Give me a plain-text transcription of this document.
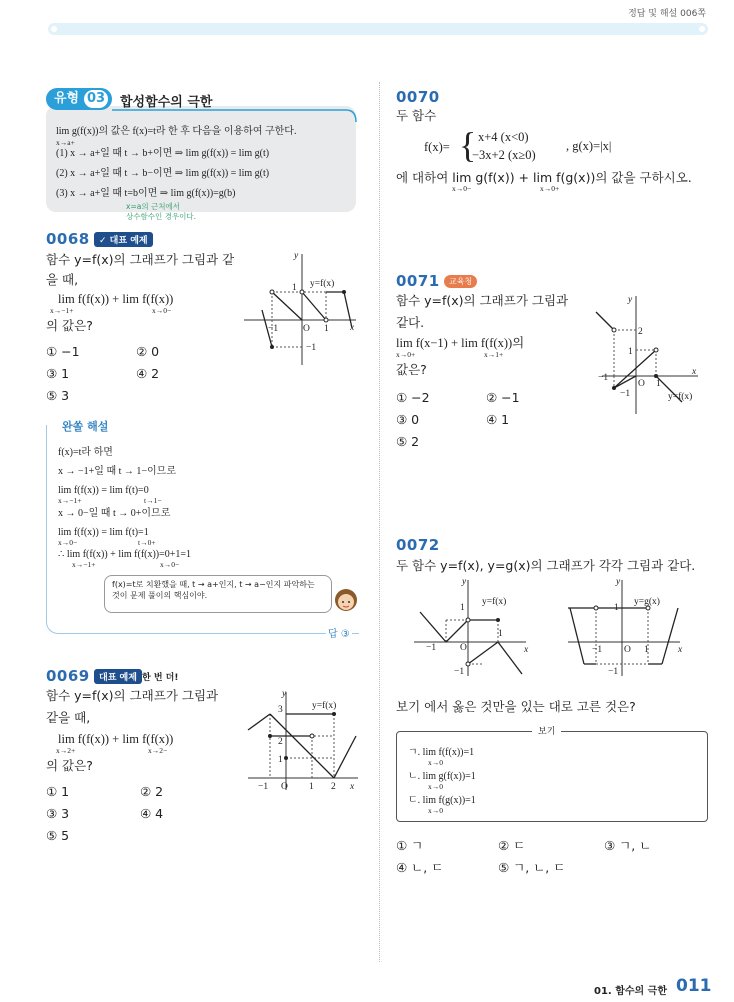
정답 및 해설 006쪽
유형 03 합성함수의 극한
lim g(f(x))의 값은 f(x)=t라 한 후 다음을 이용하여 구한다.
x→a+
(1) x → a+일 때 t → b+이면 ⇒ lim g(f(x)) = lim g(t)
(2) x → a+일 때 t → b−이면 ⇒ lim g(f(x)) = lim g(t)
(3) x → a+일 때 t=b이면 ⇒ lim g(f(x))=g(b)
x=a의 근처에서
상수함수인 경우이다.
0068	✓ 대표 예제
함수 y=f(x)의 그래프가 그림과 같
을 때,
lim f(f(x)) + lim f(f(x))
x→−1+	x→0−
의 값은?
① −1	② 0
③ 1	④ 2
⑤ 3
y
x
y=f(x)
−1	O 1
1
−1
완쏠 해설
f(x)=t라 하면
x → −1+일 때 t → 1−이므로
lim f(f(x)) = lim f(t)=0
x→−1+	t→1−
x → 0−일 때 t → 0+이므로
lim f(f(x)) = lim f(t)=1
x→0−	t→0+
∴ lim f(f(x)) + lim f(f(x))=0+1=1
x→−1+	x→0−
f(x)=t로 치환했을 때, t → a+인지, t → a−인지 파악하는 것이 문제 풀이의 핵심이야.
답 ③
0069	대표 예제 한 번 더!
함수 y=f(x)의 그래프가 그림과
같을 때,
lim f(f(x)) + lim f(f(x))
x→2+	x→2−
의 값은?
① 1	② 2
③ 3	④ 4
⑤ 5
y
x
y=f(x)
3
2
1
−1 O 1 2
0070
두 함수
f(x)= { x+4 (x<0)
−3x+2 (x≥0)
, g(x)=|x|
에 대하여 lim g(f(x)) + lim f(g(x))의 값을 구하시오.
x→0−	x→0+
0071	교육청
함수 y=f(x)의 그래프가 그림과
같다.
lim f(x−1) + lim f(f(x))의
x→0+	x→1+
값은?
① −2	② −1
③ 0	④ 1
⑤ 2
y
x
y=f(x)
2
1
−1
O 1
−1
0072
두 함수 y=f(x), y=g(x)의 그래프가 각각 그림과 같다.
y
x
y=f(x)
1
−1	O
1
−1
y
x
y=g(x)
1
−1 O 1
−1
보기 에서 옳은 것만을 있는 대로 고른 것은?
보기
ㄱ. lim f(f(x))=1
x→0
ㄴ. lim g(f(x))=1
x→0
ㄷ. lim f(g(x))=1
x→0
① ㄱ	② ㄷ	③ ㄱ, ㄴ
④ ㄴ, ㄷ	⑤ ㄱ, ㄴ, ㄷ
01. 함수의 극한 011
